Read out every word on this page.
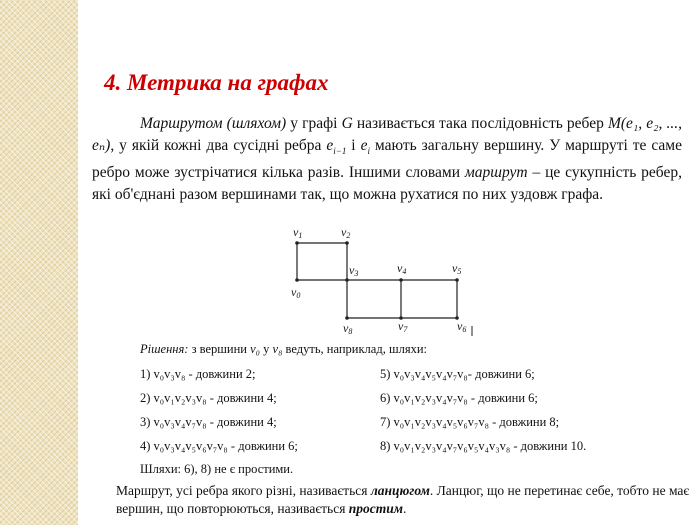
4. Метрика на графах

Маршрутом (шляхом) у графі G називається така послідовність ребер M(e₁, e₂, ..., eₙ), у якій кожні два сусідні ребра $e_{i-1}$ і $e_i$ мають загальну вершину. У маршруті те саме ребро може зустрічатися кілька разів. Іншими словами маршрут – це сукупність ребер, які об'єднані разом вершинами так, що можна рухатися по них уздовж графа.

v1	v2
v0
v3	v4	v5
v8	v7	v6
Рішення: з вершини v₀ у v₈ ведуть, наприклад, шляхи:
1) v₀v₃v₈ - довжини 2;	5) v₀v₃v₄v₅v₄v₇v₈- довжини 6;
2) v₀v₁v₂v₃v₈ - довжини 4;	6) v₀v₁v₂v₃v₄v₇v₈ - довжини 6;
3) v₀v₃v₄v₇v₈ - довжини 4;	7) v₀v₁v₂v₃v₄v₅v₆v₇v₈ - довжини 8;
4) v₀v₃v₄v₅v₆v₇v₈ - довжини 6;	8) v₀v₁v₂v₃v₄v₇v₆v₅v₄v₃v₈ - довжини 10.
Шляхи: 6), 8) не є простими.
Маршрут, усі ребра якого різні, називається ланцюгом. Ланцюг, що не перетинає себе, тобто не має вершин, що повторюються, називається простим.
